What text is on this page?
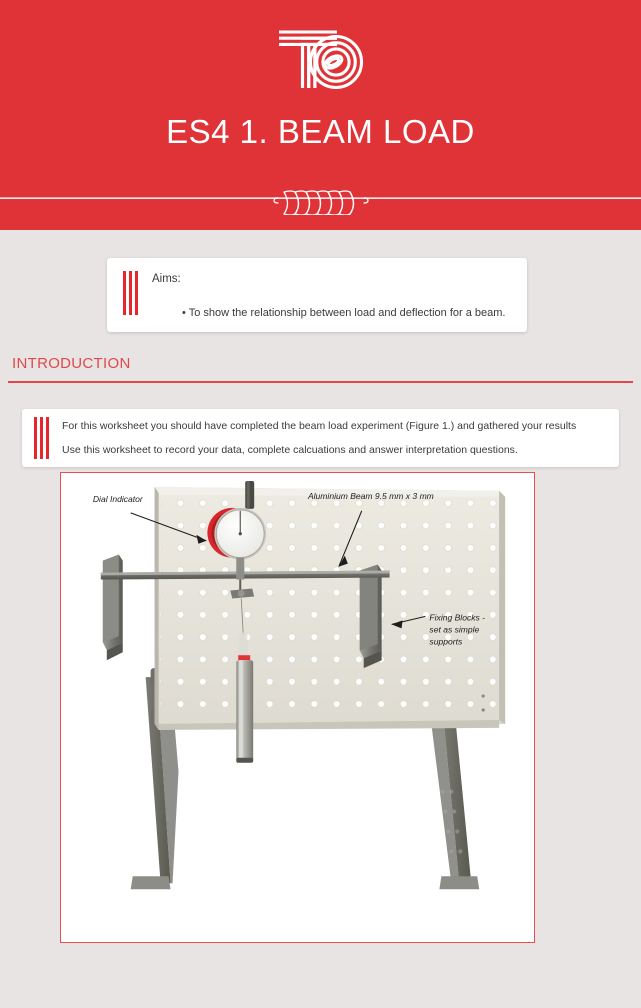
ES4 1. BEAM LOAD
Aims:
• To show the relationship between load and deflection for a beam.
INTRODUCTION
For this worksheet you should have completed the beam load experiment (Figure 1.) and gathered your results
Use this worksheet to record your data, complete calcuations and answer interpretation questions.
Dial Indicator	Aluminium Beam 9.5 mm x 3 mm
Fixing Blocks -
set as simple
supports
